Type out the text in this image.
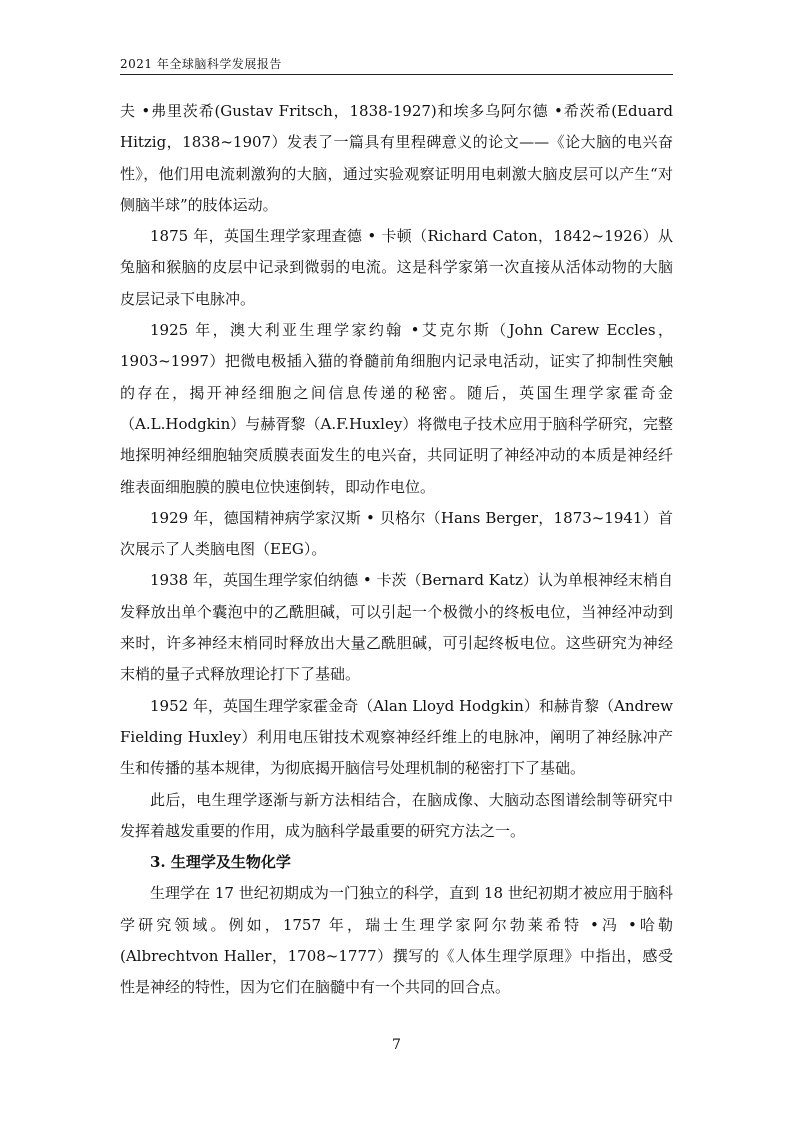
2021 年全球脑科学发展报告

夫 •弗里茨希(Gustav Fritsch，1838-1927)和埃多乌阿尔德 •希茨希(Eduard Hitzig，1838~1907）发表了一篇具有里程碑意义的论文——《论大脑的电兴奋性》，他们用电流刺激狗的大脑，通过实验观察证明用电刺激大脑皮层可以产生“对侧脑半球”的肢体运动。

1875 年，英国生理学家理查德 • 卡顿（Richard Caton，1842~1926）从兔脑和猴脑的皮层中记录到微弱的电流。这是科学家第一次直接从活体动物的大脑皮层记录下电脉冲。

1925 年，澳大利亚生理学家约翰 •艾克尔斯（John Carew Eccles，1903~1997）把微电极插入猫的脊髓前角细胞内记录电活动，证实了抑制性突触的存在，揭开神经细胞之间信息传递的秘密。随后，英国生理学家霍奇金（A.L.Hodgkin）与赫胥黎（A.F.Huxley）将微电子技术应用于脑科学研究，完整地探明神经细胞轴突质膜表面发生的电兴奋，共同证明了神经冲动的本质是神经纤维表面细胞膜的膜电位快速倒转，即动作电位。

1929 年，德国精神病学家汉斯 • 贝格尔（Hans Berger，1873~1941）首次展示了人类脑电图（EEG）。

1938 年，英国生理学家伯纳德 • 卡茨（Bernard Katz）认为单根神经末梢自发释放出单个囊泡中的乙酰胆碱，可以引起一个极微小的终板电位，当神经冲动到来时，许多神经末梢同时释放出大量乙酰胆碱，可引起终板电位。这些研究为神经末梢的量子式释放理论打下了基础。

1952 年，英国生理学家霍金奇（Alan Lloyd Hodgkin）和赫肯黎（Andrew Fielding Huxley）利用电压钳技术观察神经纤维上的电脉冲，阐明了神经脉冲产生和传播的基本规律，为彻底揭开脑信号处理机制的秘密打下了基础。

此后，电生理学逐渐与新方法相结合，在脑成像、大脑动态图谱绘制等研究中发挥着越发重要的作用，成为脑科学最重要的研究方法之一。

3. 生理学及生物化学

生理学在 17 世纪初期成为一门独立的科学，直到 18 世纪初期才被应用于脑科学研究领域。例如，1757 年，瑞士生理学家阿尔勃莱希特 •冯 •哈勒(Albrechtvon Haller，1708~1777）撰写的《人体生理学原理》中指出，感受性是神经的特性，因为它们在脑髓中有一个共同的回合点。

7
